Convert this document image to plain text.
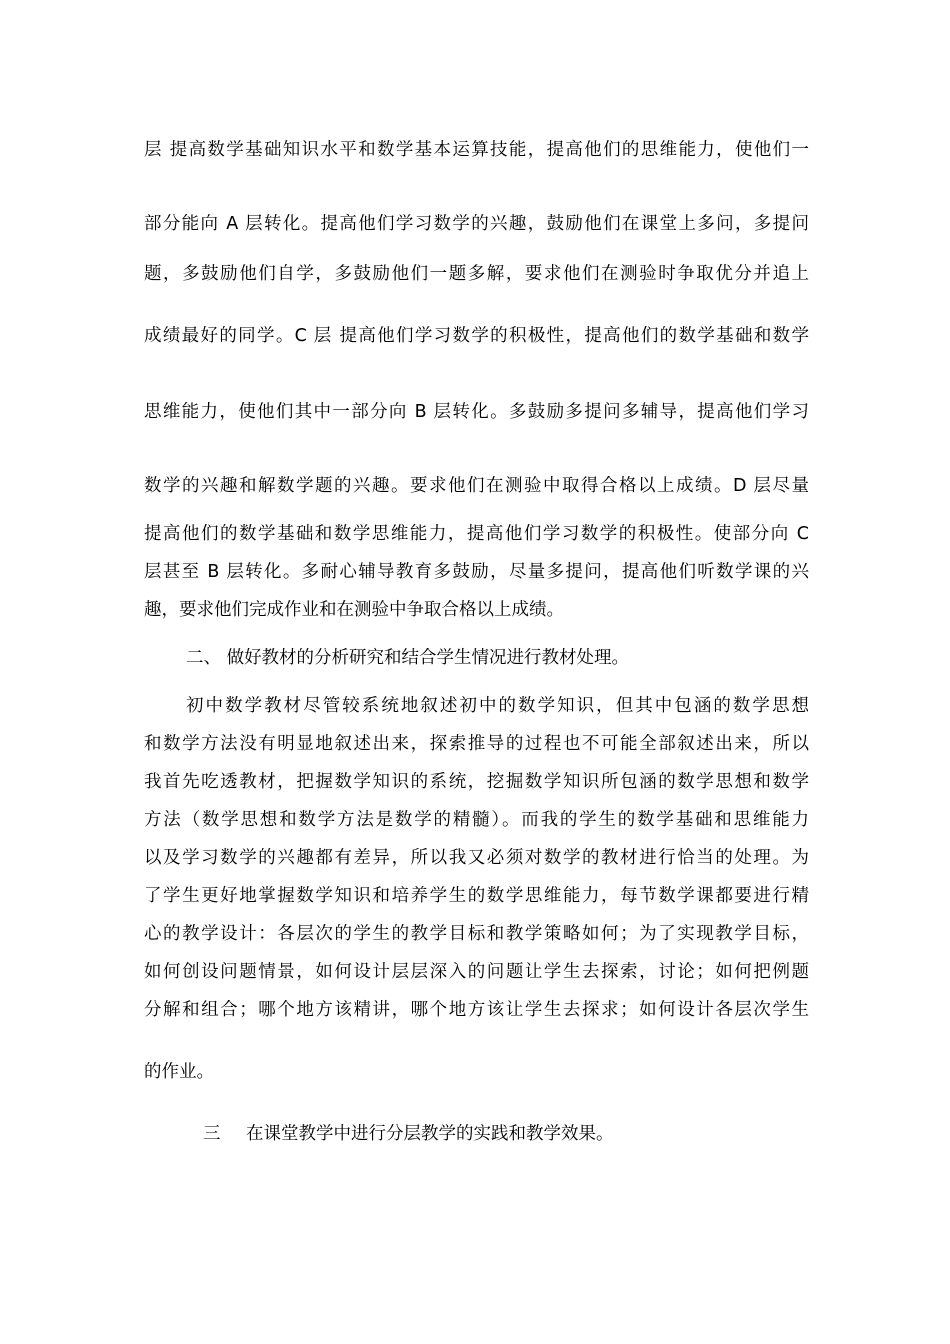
层 提高数学基础知识水平和数学基本运算技能，提高他们的思维能力，使他们一
部分能向 A 层转化。提高他们学习数学的兴趣，鼓励他们在课堂上多问，多提问
题，多鼓励他们自学，多鼓励他们一题多解，要求他们在测验时争取优分并追上
成绩最好的同学。C 层 提高他们学习数学的积极性，提高他们的数学基础和数学
思维能力，使他们其中一部分向 B 层转化。多鼓励多提问多辅导，提高他们学习
数学的兴趣和解数学题的兴趣。要求他们在测验中取得合格以上成绩。D 层尽量
提高他们的数学基础和数学思维能力，提高他们学习数学的积极性。使部分向 C
层甚至 B 层转化。多耐心辅导教育多鼓励，尽量多提问，提高他们听数学课的兴
趣，要求他们完成作业和在测验中争取合格以上成绩。
二、 做好教材的分析研究和结合学生情况进行教材处理。
初中数学教材尽管较系统地叙述初中的数学知识，但其中包涵的数学思想
和数学方法没有明显地叙述出来，探索推导的过程也不可能全部叙述出来，所以
我首先吃透教材，把握数学知识的系统，挖掘数学知识所包涵的数学思想和数学
方法（数学思想和数学方法是数学的精髓）。而我的学生的数学基础和思维能力
以及学习数学的兴趣都有差异，所以我又必须对数学的教材进行恰当的处理。为
了学生更好地掌握数学知识和培养学生的数学思维能力，每节数学课都要进行精
心的教学设计：各层次的学生的教学目标和教学策略如何；为了实现教学目标，
如何创设问题情景，如何设计层层深入的问题让学生去探索，讨论；如何把例题
分解和组合；哪个地方该精讲，哪个地方该让学生去探求；如何设计各层次学生
的作业。
三 在课堂教学中进行分层教学的实践和教学效果。
